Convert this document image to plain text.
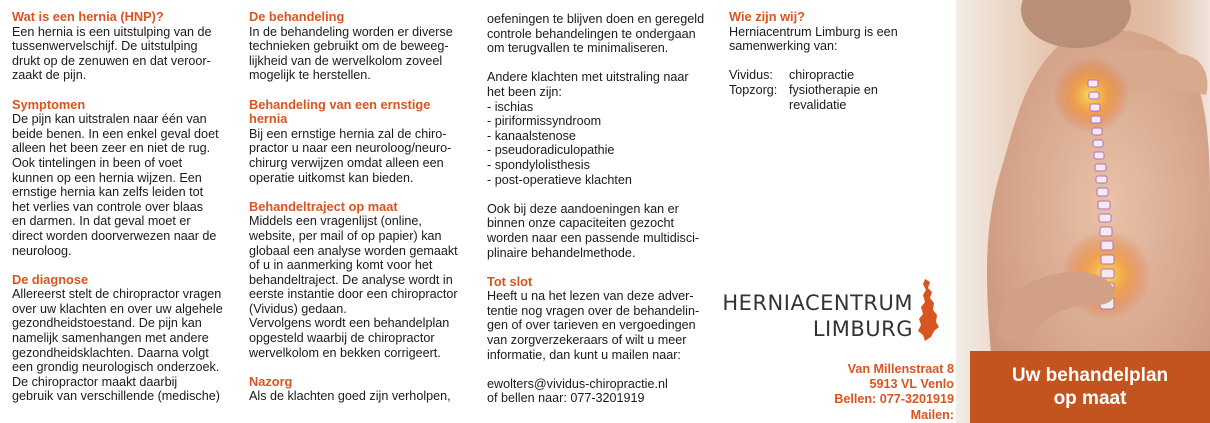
Wat is een hernia (HNP)?

Een hernia is een uitstulping van de
tussenwervelschijf. De uitstulping
drukt op de zenuwen en dat veroor-
zaakt de pijn.

Symptomen

De pijn kan uitstralen naar één van
beide benen. In een enkel geval doet
alleen het been zeer en niet de rug.
Ook tintelingen in been of voet
kunnen op een hernia wijzen. Een
ernstige hernia kan zelfs leiden tot
het verlies van controle over blaas
en darmen. In dat geval moet er
direct worden doorverwezen naar de
neuroloog.

De diagnose

Allereerst stelt de chiropractor vragen
over uw klachten en over uw algehele
gezondheidstoestand. De pijn kan
namelijk samenhangen met andere
gezondheidsklachten. Daarna volgt
een grondig neurologisch onderzoek.
De chiropractor maakt daarbij
gebruik van verschillende (medische)

De behandeling

In de behandeling worden er diverse
technieken gebruikt om de beweeg-
lijkheid van de wervelkolom zoveel
mogelijk te herstellen.

Behandeling van een ernstige
hernia

Bij een ernstige hernia zal de chiro-
practor u naar een neuroloog/neuro-
chirurg verwijzen omdat alleen een
operatie uitkomst kan bieden.

Behandeltraject op maat

Middels een vragenlijst (online,
website, per mail of op papier) kan
globaal een analyse worden gemaakt
of u in aanmerking komt voor het
behandeltraject. De analyse wordt in
eerste instantie door een chiropractor
(Vividus) gedaan.
Vervolgens wordt een behandelplan
opgesteld waarbij de chiropractor
wervelkolom en bekken corrigeert.

Nazorg

Als de klachten goed zijn verholpen,

oefeningen te blijven doen en geregeld
controle behandelingen te ondergaan
om terugvallen te minimaliseren.

Andere klachten met uitstraling naar
het been zijn:
- ischias
- piriformissyndroom
- kanaalstenose
- pseudoradiculopathie
- spondylolisthesis
- post-operatieve klachten

Ook bij deze aandoeningen kan er
binnen onze capaciteiten gezocht
worden naar een passende multidisci-
plinaire behandelmethode.

Tot slot

Heeft u na het lezen van deze adver-
tentie nog vragen over de behandelin-
gen of over tarieven en vergoedingen
van zorgverzekeraars of wilt u meer
informatie, dan kunt u mailen naar:

ewolters@vividus-chiropractie.nl

of bellen naar: 077-3201919

Wie zijn wij?

Herniacentrum Limburg is een
samenwerking van:

Vividus:	chiropractie
Topzorg: fysiotherapie en
revalidatie
HERNIACENTRUM
LIMBURG
Van Millenstraat 8
5913 VL Venlo
Bellen: 077-3201919
Mailen:
Uw behandelplan
op maat
